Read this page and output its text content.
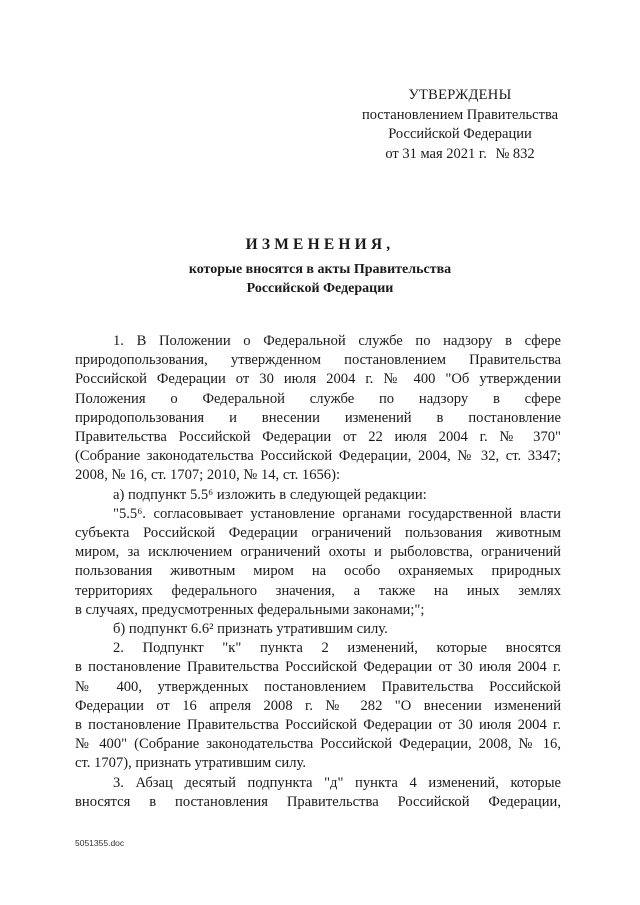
УТВЕРЖДЕНЫ
постановлением Правительства
Российской Федерации
от 31 мая 2021 г. № 832
ИЗМЕНЕНИЯ,
которые вносятся в акты Правительства
Российской Федерации

1. В Положении о Федеральной службе по надзору в сфере

природопользования, утвержденном постановлением Правительства

Российской Федерации от 30 июля 2004 г. № 400 "Об утверждении

Положения о Федеральной службе по надзору в сфере

природопользования и внесении изменений в постановление

Правительства Российской Федерации от 22 июля 2004 г. № 370"

(Собрание законодательства Российской Федерации, 2004, № 32, ст. 3347;

2008, № 16, ст. 1707; 2010, № 14, ст. 1656):

а) подпункт 5.5⁶ изложить в следующей редакции:

"5.5⁶. согласовывает установление органами государственной власти

субъекта Российской Федерации ограничений пользования животным

миром, за исключением ограничений охоты и рыболовства, ограничений

пользования животным миром на особо охраняемых природных

территориях федерального значения, а также на иных землях

в случаях, предусмотренных федеральными законами;";

б) подпункт 6.6² признать утратившим силу.

2. Подпункт "к" пункта 2 изменений, которые вносятся

в постановление Правительства Российской Федерации от 30 июля 2004 г.

№ 400, утвержденных постановлением Правительства Российской

Федерации от 16 апреля 2008 г. № 282 "О внесении изменений

в постановление Правительства Российской Федерации от 30 июля 2004 г.

№ 400" (Собрание законодательства Российской Федерации, 2008, № 16,

ст. 1707), признать утратившим силу.

3. Абзац десятый подпункта "д" пункта 4 изменений, которые

вносятся в постановления Правительства Российской Федерации,

5051355.doc
